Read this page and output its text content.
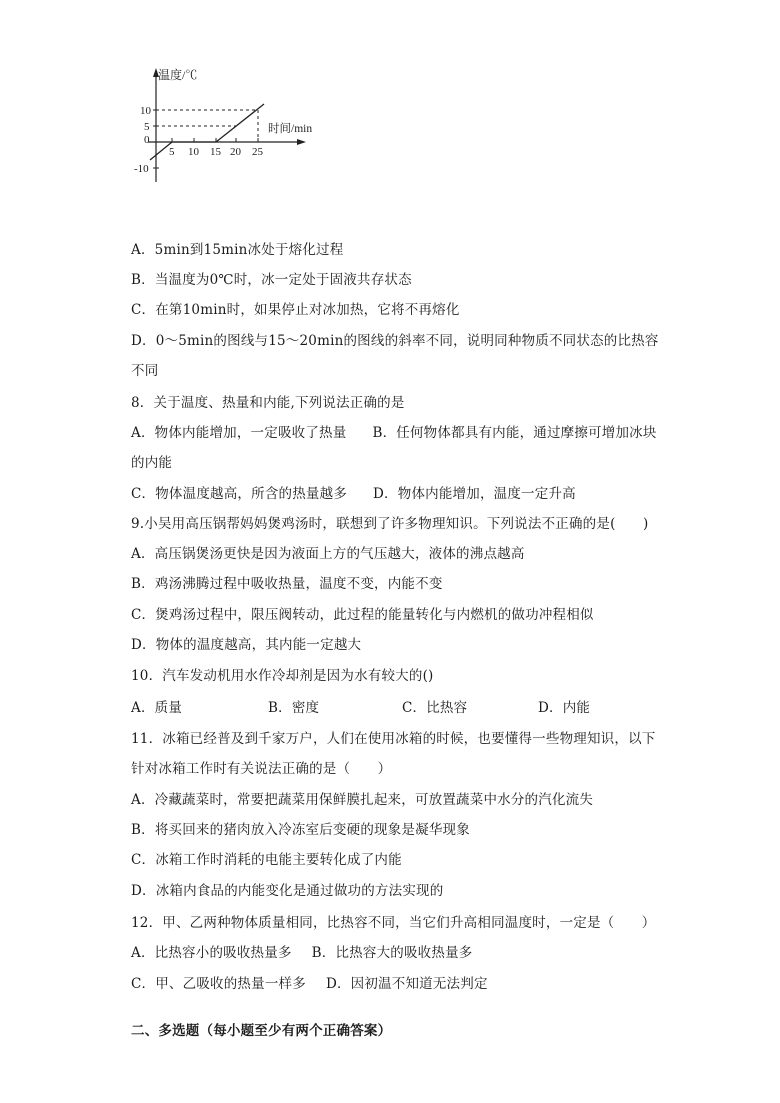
温度/℃
时间/min
10
5
0
-10
5 10 15 20 25
A．5min到15min冰处于熔化过程
B．当温度为0℃时，冰一定处于固液共存状态
C．在第10min时，如果停止对冰加热，它将不再熔化
D．0～5min的图线与15～20min的图线的斜率不同，说明同种物质不同状态的比热容
不同
8．关于温度、热量和内能,下列说法正确的是
A．物体内能增加，一定吸收了热量 B．任何物体都具有内能，通过摩擦可增加冰块
的内能
C．物体温度越高，所含的热量越多 D．物体内能增加，温度一定升高
9.小吴用高压锅帮妈妈煲鸡汤时，联想到了许多物理知识。下列说法不正确的是(　　)
A．高压锅煲汤更快是因为液面上方的气压越大，液体的沸点越高
B．鸡汤沸腾过程中吸收热量，温度不变，内能不变
C．煲鸡汤过程中，限压阀转动，此过程的能量转化与内燃机的做功冲程相似
D．物体的温度越高，其内能一定越大
10．汽车发动机用水作冷却剂是因为水有较大的()
A．质量	B．密度	C．比热容	D．内能
11．冰箱已经普及到千家万户，人们在使用冰箱的时候，也要懂得一些物理知识，以下
针对冰箱工作时有关说法正确的是（　　）
A．冷藏蔬菜时，常要把蔬菜用保鲜膜扎起来，可放置蔬菜中水分的汽化流失
B．将买回来的猪肉放入冷冻室后变硬的现象是凝华现象
C．冰箱工作时消耗的电能主要转化成了内能
D．冰箱内食品的内能变化是通过做功的方法实现的
12．甲、乙两种物体质量相同，比热容不同，当它们升高相同温度时，一定是（　　）
A．比热容小的吸收热量多 B．比热容大的吸收热量多
C．甲、乙吸收的热量一样多 D．因初温不知道无法判定
二、多选题（每小题至少有两个正确答案）
